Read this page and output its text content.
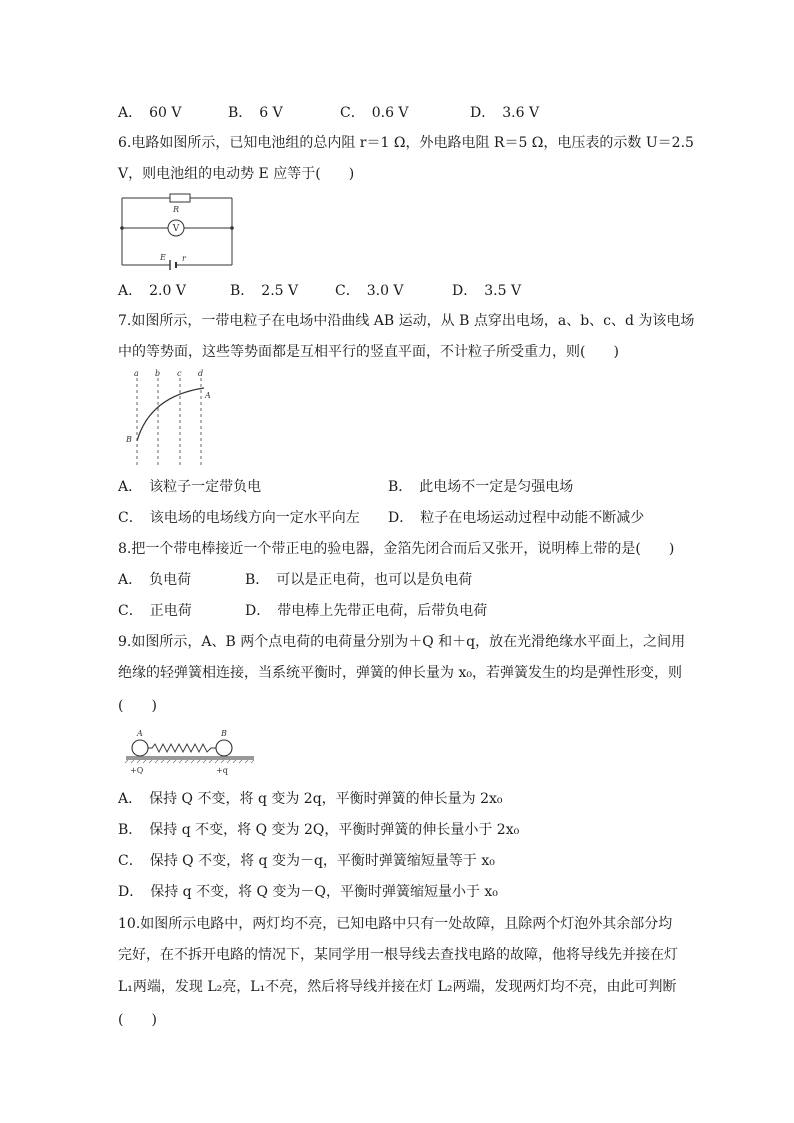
A．　60 V	B．　6 V	C．　0.6 V	D．　3.6 V
6.电路如图所示，已知电池组的总内阻 r＝1 Ω，外电路电阻 R＝5 Ω，电压表的示数 U＝2.5
V，则电池组的电动势 E 应等于(　　)
R
V
E r
A．　2.0 V	B．　2.5 V	C．　3.0 V	D．　3.5 V
7.如图所示，一带电粒子在电场中沿曲线 AB 运动，从 B 点穿出电场，a、b、c、d 为该电场
中的等势面，这些等势面都是互相平行的竖直平面，不计粒子所受重力，则(　　)
a b c d
A
B
A．　该粒子一定带负电	B．　此电场不一定是匀强电场
C．　该电场的电场线方向一定水平向左 D．　粒子在电场运动过程中动能不断减少
8.把一个带电棒接近一个带正电的验电器，金箔先闭合而后又张开，说明棒上带的是(　　)
A．　负电荷	B．　可以是正电荷，也可以是负电荷
C．　正电荷	D．　带电棒上先带正电荷，后带负电荷
9.如图所示，A、B 两个点电荷的电荷量分别为＋Q 和＋q，放在光滑绝缘水平面上，之间用
绝缘的轻弹簧相连接，当系统平衡时，弹簧的伸长量为 x₀，若弹簧发生的均是弹性形变，则
(　　)
A	B
+Q	+q
A．　保持 Q 不变，将 q 变为 2q，平衡时弹簧的伸长量为 2x₀
B．　保持 q 不变，将 Q 变为 2Q，平衡时弹簧的伸长量小于 2x₀
C．　保持 Q 不变，将 q 变为－q，平衡时弹簧缩短量等于 x₀
D．　保持 q 不变，将 Q 变为－Q，平衡时弹簧缩短量小于 x₀
10.如图所示电路中，两灯均不亮，已知电路中只有一处故障，且除两个灯泡外其余部分均
完好，在不拆开电路的情况下，某同学用一根导线去查找电路的故障，他将导线先并接在灯
L₁两端，发现 L₂亮，L₁不亮，然后将导线并接在灯 L₂两端，发现两灯均不亮，由此可判断
(　　)
